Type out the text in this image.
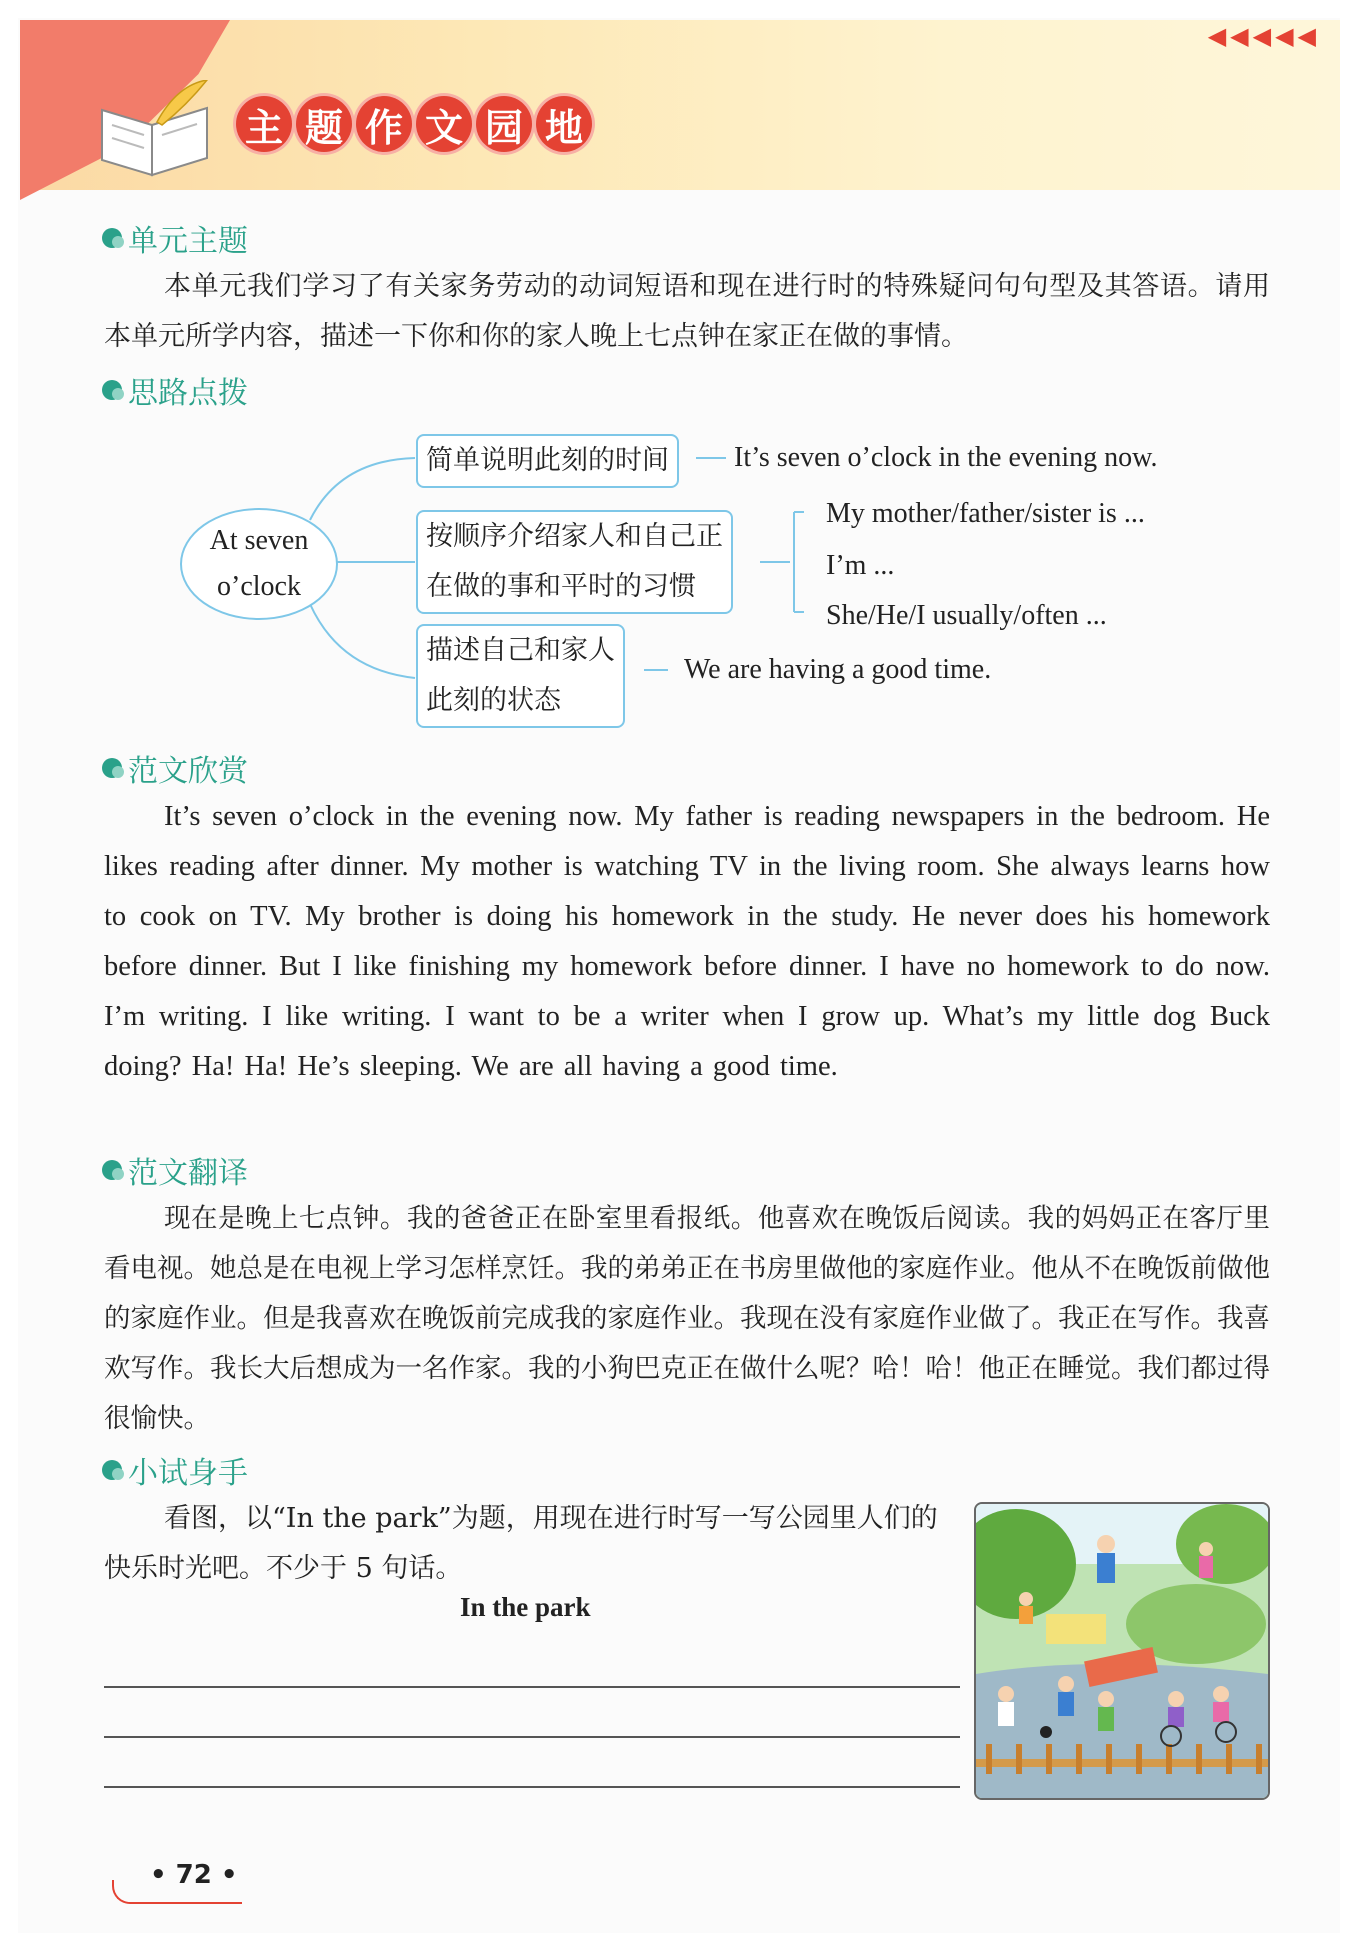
主 题 作 文 园 地
◀◀◀◀◀
单元主题
本单元我们学习了有关家务劳动的动词短语和现在进行时的特殊疑问句句型及其答语。请用本单元所学内容，描述一下你和你的家人晚上七点钟在家正在做的事情。
思路点拨
At seven
o’clock
简单说明此刻的时间	It’s seven o’clock in the evening now.
按顺序介绍家人和自己正
在做的事和平时的习惯
My mother/father/sister is ...
I’m ...
She/He/I usually/often ...
描述自己和家人
此刻的状态
We are having a good time.
范文欣赏
It’s seven o’clock in the evening now. My father is reading newspapers in the bedroom. He likes reading after dinner. My mother is watching TV in the living room. She always learns how to cook on TV. My brother is doing his homework in the study. He never does his homework before dinner. But I like finishing my homework before dinner. I have no homework to do now. I’m writing. I like writing. I want to be a writer when I grow up. What’s my little dog Buck doing? Ha! Ha! He’s sleeping. We are all having a good time.
范文翻译
现在是晚上七点钟。我的爸爸正在卧室里看报纸。他喜欢在晚饭后阅读。我的妈妈正在客厅里看电视。她总是在电视上学习怎样烹饪。我的弟弟正在书房里做他的家庭作业。他从不在晚饭前做他的家庭作业。但是我喜欢在晚饭前完成我的家庭作业。我现在没有家庭作业做了。我正在写作。我喜欢写作。我长大后想成为一名作家。我的小狗巴克正在做什么呢？哈！哈！他正在睡觉。我们都过得很愉快。
小试身手
看图，以“In the park”为题，用现在进行时写一写公园里人们的
快乐时光吧。不少于 5 句话。
In the park
• 72 •
